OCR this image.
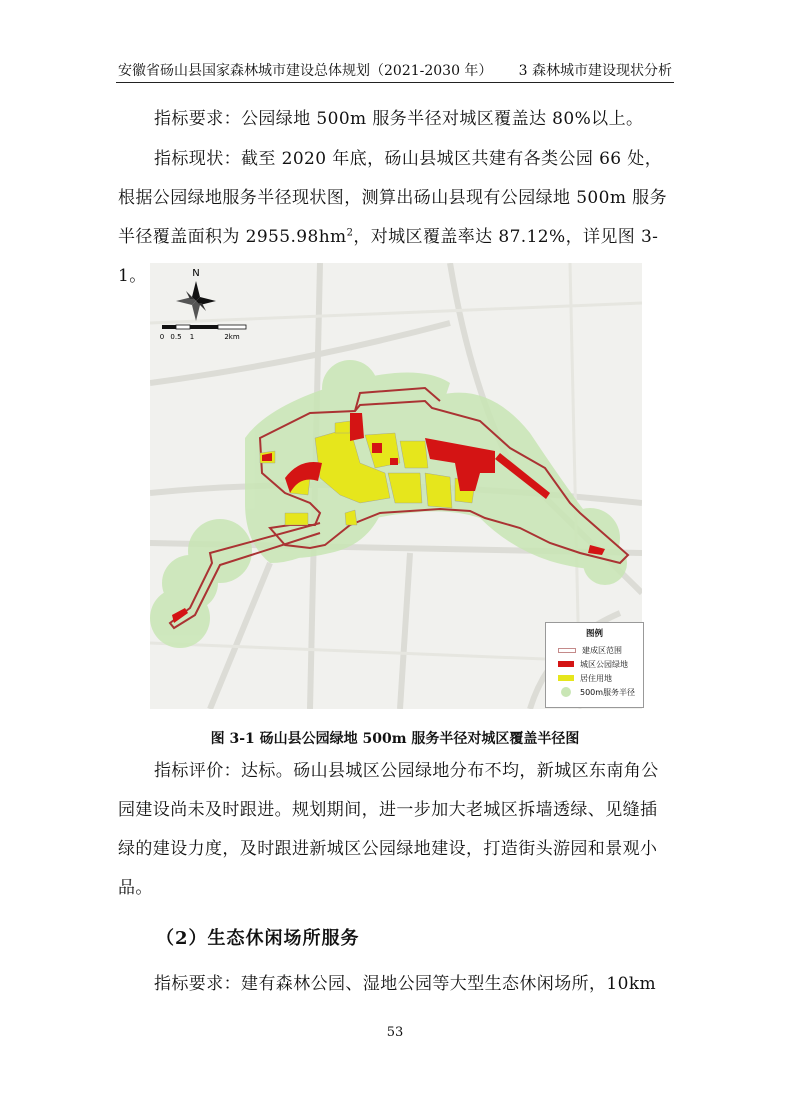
安徽省砀山县国家森林城市建设总体规划（2021-2030 年） 3 森林城市建设现状分析
指标要求：公园绿地 500m 服务半径对城区覆盖达 80%以上。
指标现状：截至 2020 年底，砀山县城区共建有各类公园 66 处，根据公园绿地服务半径现状图，测算出砀山县现有公园绿地 500m 服务半径覆盖面积为 $2955.98hm^2$，对城区覆盖率达 87.12%，详见图 3-1。	N
0 0.5 1	2km
图例
建成区范围
城区公园绿地
居住用地
500m服务半径
图 3-1 砀山县公园绿地 500m 服务半径对城区覆盖半径图
指标评价：达标。砀山县城区公园绿地分布不均，新城区东南角公园建设尚未及时跟进。规划期间，进一步加大老城区拆墙透绿、见缝插绿的建设力度，及时跟进新城区公园绿地建设，打造街头游园和景观小品。
（2）生态休闲场所服务
指标要求：建有森林公园、湿地公园等大型生态休闲场所，10km
53
